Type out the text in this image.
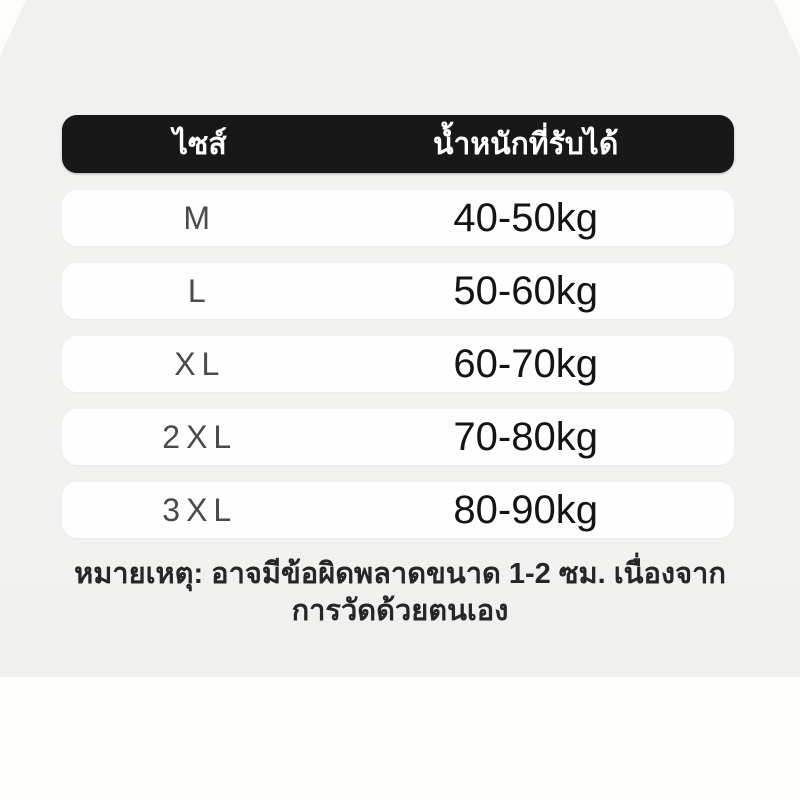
ไซส์	น้ำหนักที่รับได้
M	40-50kg
L	50-60kg
XL	60-70kg
2XL	70-80kg
3XL	80-90kg
หมายเหตุ: อาจมีข้อผิดพลาดขนาด 1-2 ซม. เนื่องจาก
การวัดด้วยตนเอง
